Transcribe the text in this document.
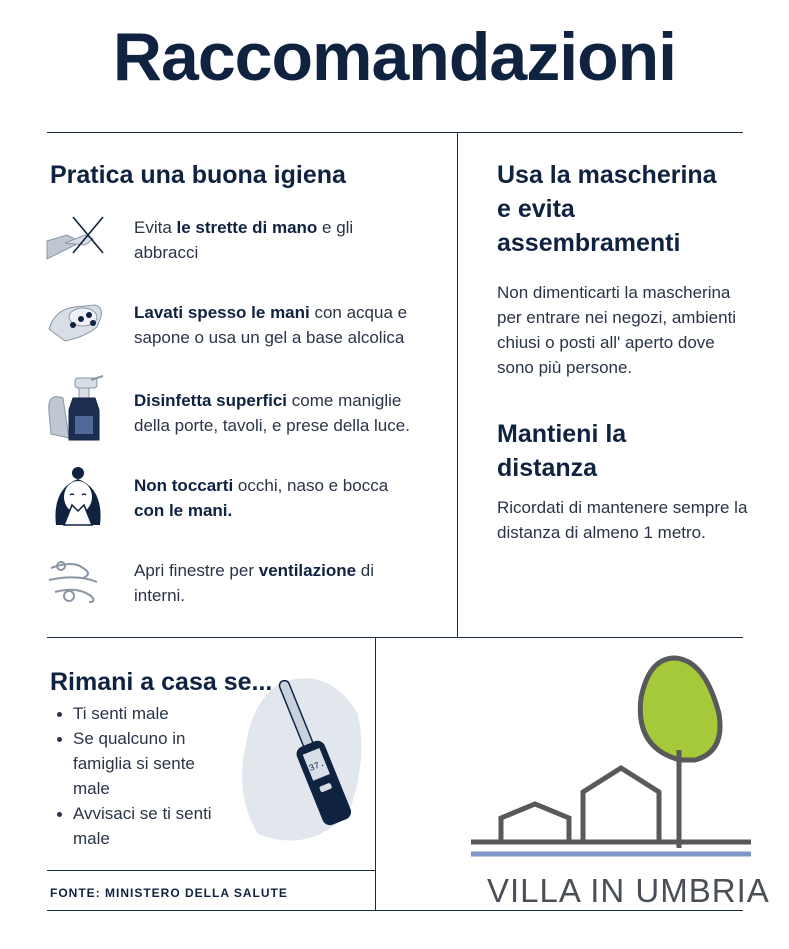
Raccomandazioni
Pratica una buona igiena
Evita le strette di mano e gli
abbracci
Lavati spesso le mani con acqua e
sapone o usa un gel a base alcolica
Disinfetta superfici come maniglie
della porte, tavoli, e prese della luce.
Non toccarti occhi, naso e bocca
con le mani.
Apri finestre per ventilazione di
interni.
Usa la mascherina
e evita
assembramenti
Non dimenticarti la mascherina per entrare nei negozi, ambienti chiusi o posti all' aperto dove sono più persone.
Mantieni la
distanza
Ricordati di mantenere sempre la distanza di almeno 1 metro.
37.
Rimani a casa se...
Ti senti male
Se qualcuno in famiglia si sente male
Avvisaci se ti senti male
FONTE: MINISTERO DELLA SALUTE	VILLA IN UMBRIA
